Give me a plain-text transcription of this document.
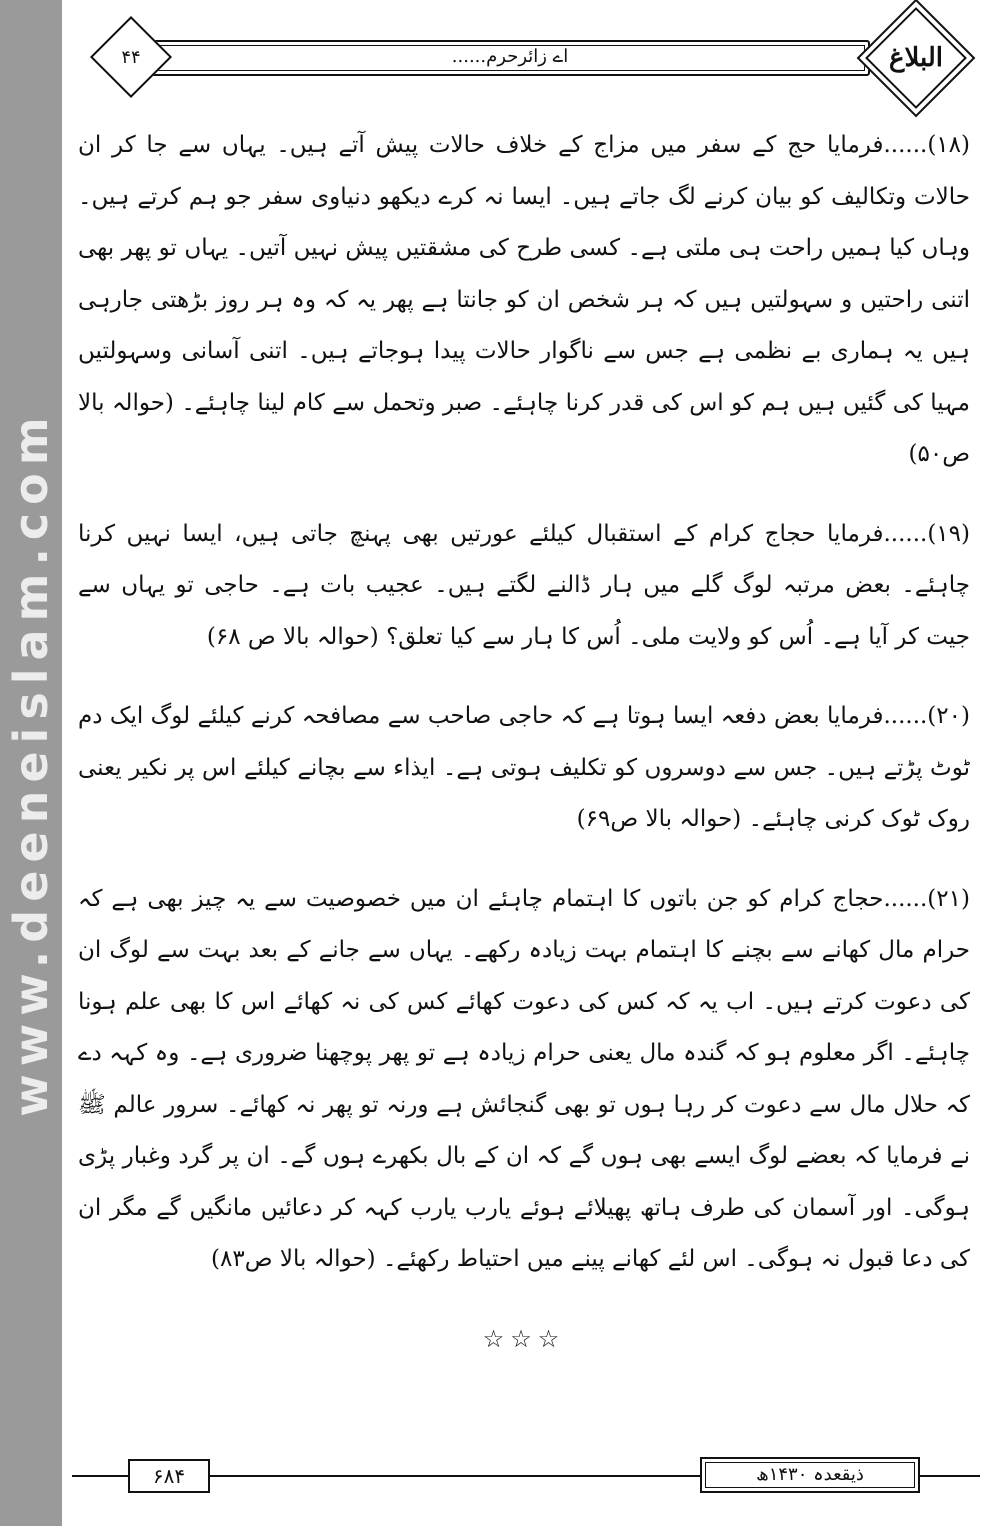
www.deeneislam.com
اے زائرحرم......
۴۴	البلاغ

(۱۸)......فرمایا حج کے سفر میں مزاج کے خلاف حالات پیش آتے ہیں۔ یہاں سے جا کر ان حالات وتکالیف کو بیان کرنے لگ جاتے ہیں۔ ایسا نہ کرے دیکھو دنیاوی سفر جو ہم کرتے ہیں۔ وہاں کیا ہمیں راحت ہی ملتی ہے۔ کسی طرح کی مشقتیں پیش نہیں آتیں۔ یہاں تو پھر بھی اتنی راحتیں و سہولتیں ہیں کہ ہر شخص ان کو جانتا ہے پھر یہ کہ وہ ہر روز بڑھتی جارہی ہیں یہ ہماری بے نظمی ہے جس سے ناگوار حالات پیدا ہوجاتے ہیں۔ اتنی آسانی وسہولتیں مہیا کی گئیں ہیں ہم کو اس کی قدر کرنا چاہئے۔ صبر وتحمل سے کام لینا چاہئے۔ (حوالہ بالا ص۵۰)

(۱۹)......فرمایا حجاج کرام کے استقبال کیلئے عورتیں بھی پہنچ جاتی ہیں، ایسا نہیں کرنا چاہئے۔ بعض مرتبہ لوگ گلے میں ہار ڈالنے لگتے ہیں۔ عجیب بات ہے۔ حاجی تو یہاں سے جیت کر آیا ہے۔ اُس کو ولایت ملی۔ اُس کا ہار سے کیا تعلق؟ (حوالہ بالا ص ۶۸)

(۲۰)......فرمایا بعض دفعہ ایسا ہوتا ہے کہ حاجی صاحب سے مصافحہ کرنے کیلئے لوگ ایک دم ٹوٹ پڑتے ہیں۔ جس سے دوسروں کو تکلیف ہوتی ہے۔ ایذاء سے بچانے کیلئے اس پر نکیر یعنی روک ٹوک کرنی چاہئے۔ (حوالہ بالا ص۶۹)

(۲۱)......حجاج کرام کو جن باتوں کا اہتمام چاہئے ان میں خصوصیت سے یہ چیز بھی ہے کہ حرام مال کھانے سے بچنے کا اہتمام بہت زیادہ رکھے۔ یہاں سے جانے کے بعد بہت سے لوگ ان کی دعوت کرتے ہیں۔ اب یہ کہ کس کی دعوت کھائے کس کی نہ کھائے اس کا بھی علم ہونا چاہئے۔ اگر معلوم ہو کہ گندہ مال یعنی حرام زیادہ ہے تو پھر پوچھنا ضروری ہے۔ وہ کہہ دے کہ حلال مال سے دعوت کر رہا ہوں تو بھی گنجائش ہے ورنہ تو پھر نہ کھائے۔ سرور عالم ﷺ نے فرمایا کہ بعضے لوگ ایسے بھی ہوں گے کہ ان کے بال بکھرے ہوں گے۔ ان پر گرد وغبار پڑی ہوگی۔ اور آسمان کی طرف ہاتھ پھیلائے ہوئے یارب یارب کہہ کر دعائیں مانگیں گے مگر ان کی دعا قبول نہ ہوگی۔ اس لئے کھانے پینے میں احتیاط رکھئے۔ (حوالہ بالا ص۸۳)

☆☆☆
۶۸۴	ذیقعدہ ۱۴۳۰ھ
